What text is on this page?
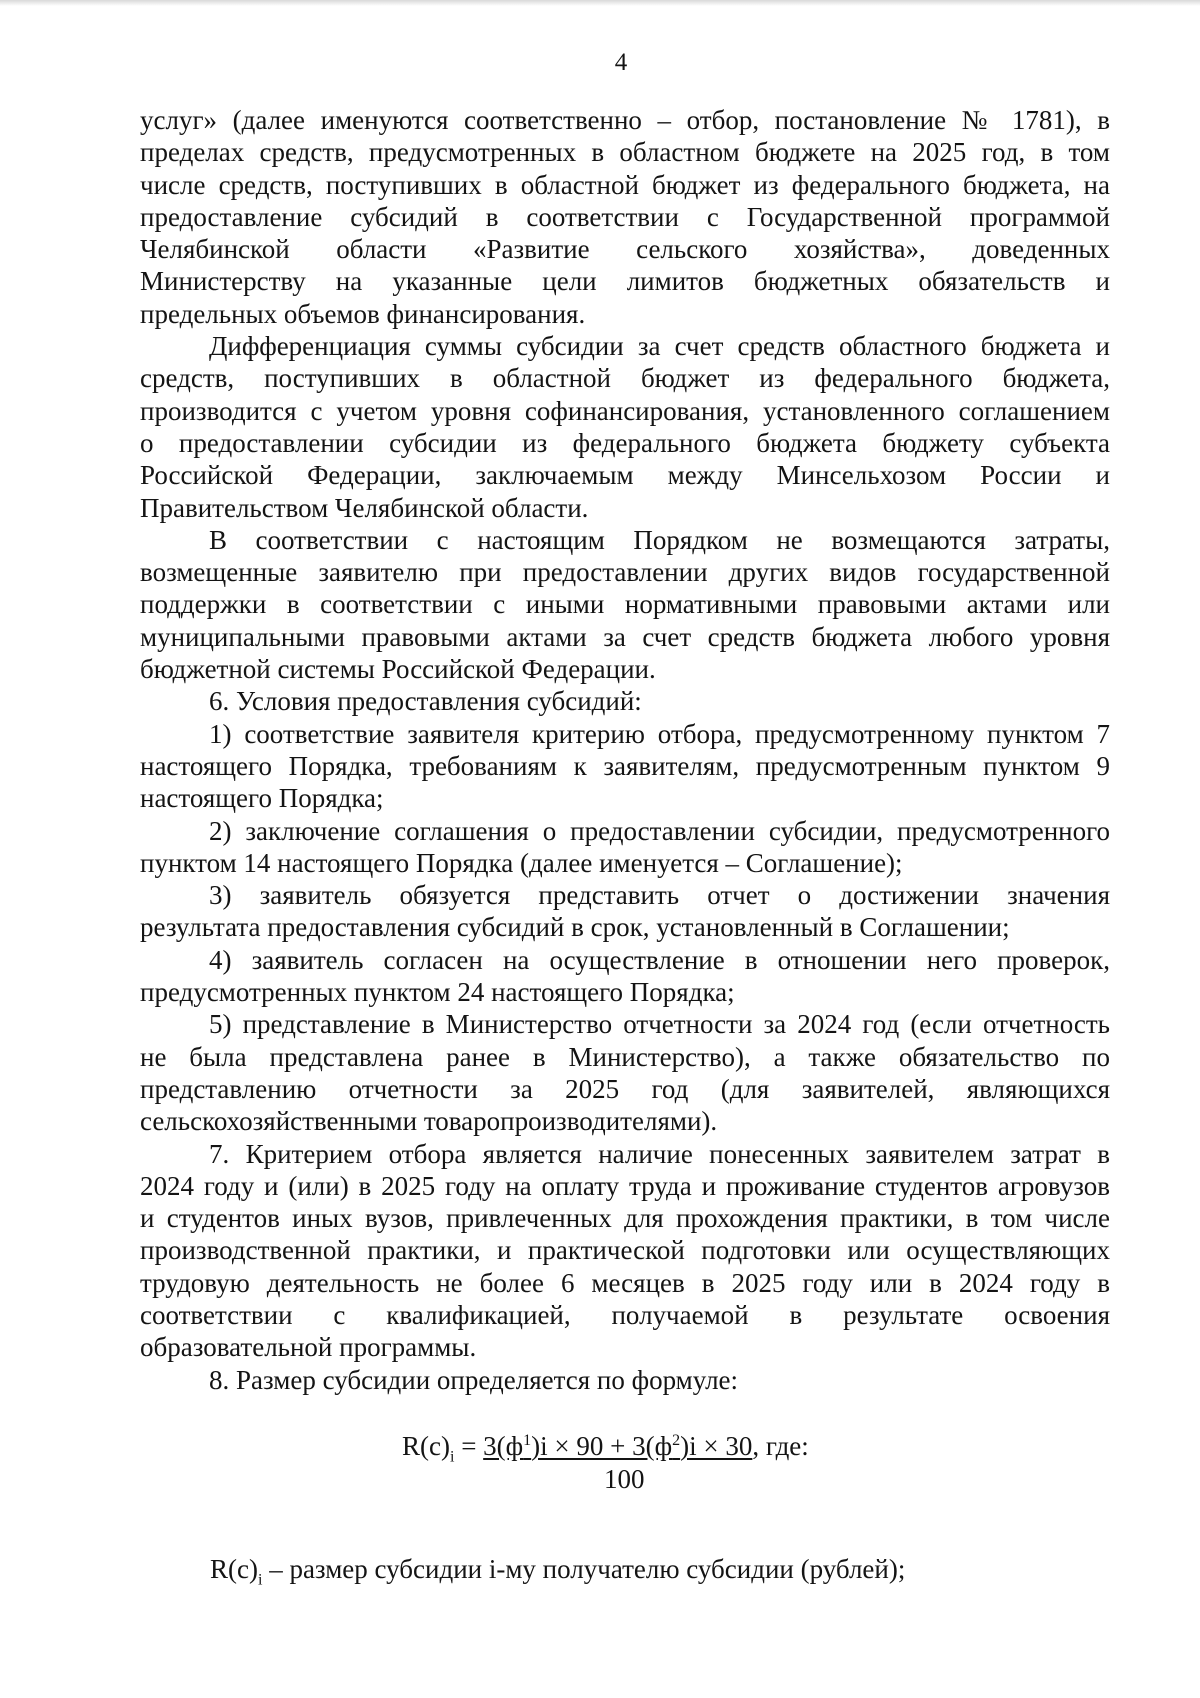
4

услуг» (далее именуются соответственно – отбор, постановление № 1781), в

пределах средств, предусмотренных в областном бюджете на 2025 год, в том

числе средств, поступивших в областной бюджет из федерального бюджета, на

предоставление субсидий в соответствии с Государственной программой

Челябинской области «Развитие сельского хозяйства», доведенных

Министерству на указанные цели лимитов бюджетных обязательств и

предельных объемов финансирования.

Дифференциация суммы субсидии за счет средств областного бюджета и

средств, поступивших в областной бюджет из федерального бюджета,

производится с учетом уровня софинансирования, установленного соглашением

о предоставлении субсидии из федерального бюджета бюджету субъекта

Российской Федерации, заключаемым между Минсельхозом России и

Правительством Челябинской области.

В соответствии с настоящим Порядком не возмещаются затраты,

возмещенные заявителю при предоставлении других видов государственной

поддержки в соответствии с иными нормативными правовыми актами или

муниципальными правовыми актами за счет средств бюджета любого уровня

бюджетной системы Российской Федерации.

6. Условия предоставления субсидий:

1) соответствие заявителя критерию отбора, предусмотренному пунктом 7

настоящего Порядка, требованиям к заявителям, предусмотренным пунктом 9

настоящего Порядка;

2) заключение соглашения о предоставлении субсидии, предусмотренного

пунктом 14 настоящего Порядка (далее именуется – Соглашение);

3) заявитель обязуется представить отчет о достижении значения

результата предоставления субсидий в срок, установленный в Соглашении;

4) заявитель согласен на осуществление в отношении него проверок,

предусмотренных пунктом 24 настоящего Порядка;

5) представление в Министерство отчетности за 2024 год (если отчетность

не была представлена ранее в Министерство), а также обязательство по

представлению отчетности за 2025 год (для заявителей, являющихся

сельскохозяйственными товаропроизводителями).

7. Критерием отбора является наличие понесенных заявителем затрат в

2024 году и (или) в 2025 году на оплату труда и проживание студентов агровузов

и студентов иных вузов, привлеченных для прохождения практики, в том числе

производственной практики, и практической подготовки или осуществляющих

трудовую деятельность не более 6 месяцев в 2025 году или в 2024 году в

соответствии с квалификацией, получаемой в результате освоения

образовательной программы.

8. Размер субсидии определяется по формуле:

$R(c)_i = 3(ф^1)i \times 90 + 3(ф^2)i \times 30$, где:
100
$R(c)_i$ – размер субсидии i-му получателю субсидии (рублей);
